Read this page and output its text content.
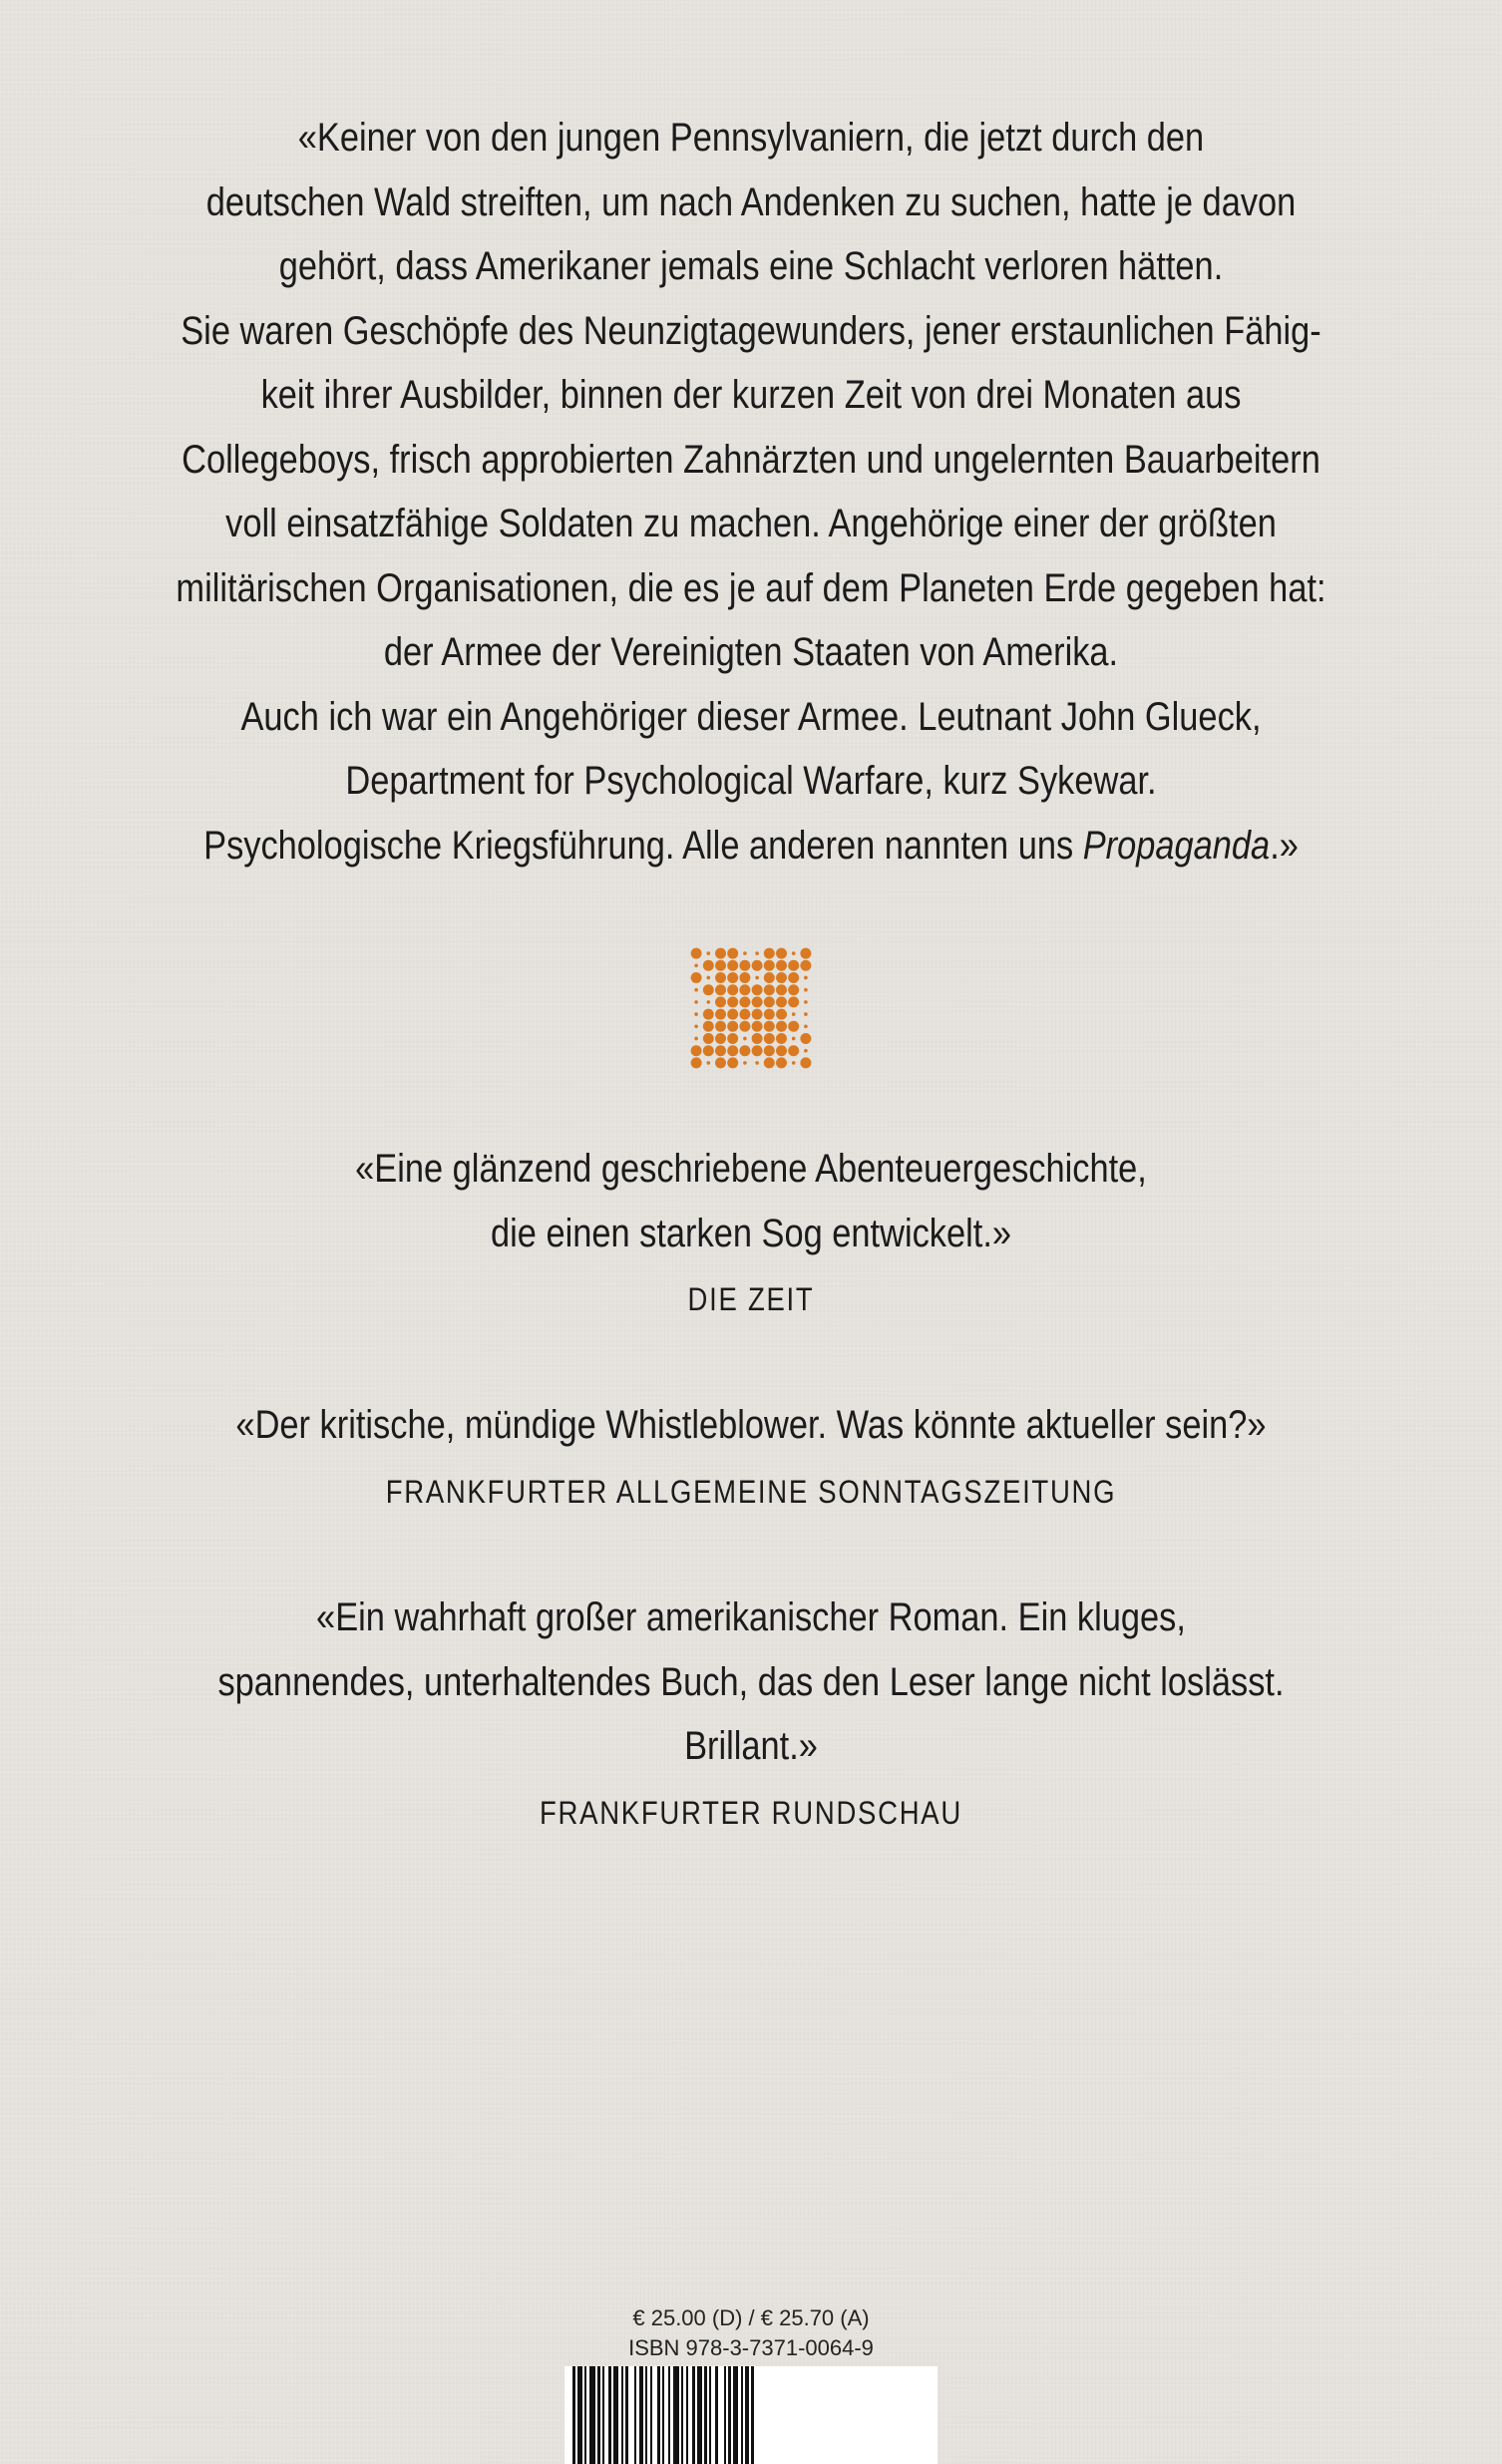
«Keiner von den jungen Pennsylvaniern, die jetzt durch den
deutschen Wald streiften, um nach Andenken zu suchen, hatte je davon
gehört, dass Amerikaner jemals eine Schlacht verloren hätten.
Sie waren Geschöpfe des Neunzigtagewunders, jener erstaunlichen Fähig-
keit ihrer Ausbilder, binnen der kurzen Zeit von drei Monaten aus
Collegeboys, frisch approbierten Zahnärzten und ungelernten Bauarbeitern
voll einsatzfähige Soldaten zu machen. Angehörige einer der größten
militärischen Organisationen, die es je auf dem Planeten Erde gegeben hat:
der Armee der Vereinigten Staaten von Amerika.
Auch ich war ein Angehöriger dieser Armee. Leutnant John Glueck,
Department for Psychological Warfare, kurz Sykewar.
Psychologische Kriegsführung. Alle anderen nannten uns Propaganda.»
«Eine glänzend geschriebene Abenteuergeschichte,
die einen starken Sog entwickelt.»
DIE ZEIT
«Der kritische, mündige Whistleblower. Was könnte aktueller sein?»
FRANKFURTER ALLGEMEINE SONNTAGSZEITUNG
«Ein wahrhaft großer amerikanischer Roman. Ein kluges,
spannendes, unterhaltendes Buch, das den Leser lange nicht loslässt.
Brillant.»
FRANKFURTER RUNDSCHAU
€ 25.00 (D) / € 25.70 (A)
ISBN 978-3-7371-0064-9
